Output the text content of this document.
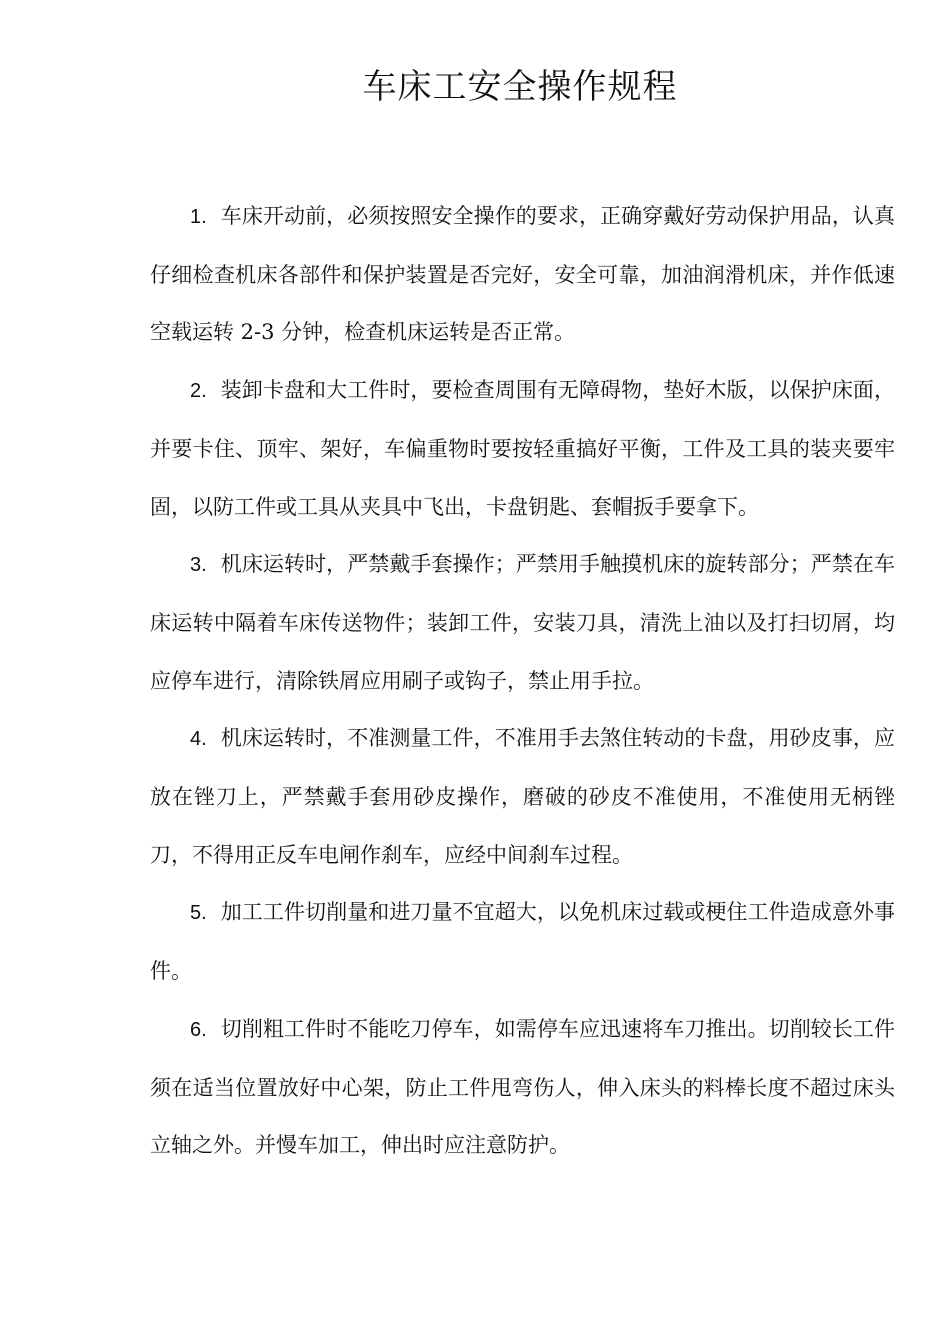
车床工安全操作规程

1. 车床开动前，必须按照安全操作的要求，正确穿戴好劳动保护用品，认真仔细检查机床各部件和保护装置是否完好，安全可靠，加油润滑机床，并作低速空载运转 2-3 分钟，检查机床运转是否正常。

2. 装卸卡盘和大工件时，要检查周围有无障碍物，垫好木版，以保护床面，并要卡住、顶牢、架好，车偏重物时要按轻重搞好平衡，工件及工具的装夹要牢固，以防工件或工具从夹具中飞出，卡盘钥匙、套帽扳手要拿下。

3. 机床运转时，严禁戴手套操作；严禁用手触摸机床的旋转部分；严禁在车床运转中隔着车床传送物件；装卸工件，安装刀具，清洗上油以及打扫切屑，均应停车进行，清除铁屑应用刷子或钩子，禁止用手拉。

4. 机床运转时，不准测量工件，不准用手去煞住转动的卡盘，用砂皮事，应放在锉刀上，严禁戴手套用砂皮操作，磨破的砂皮不准使用，不准使用无柄锉刀，不得用正反车电闸作刹车，应经中间刹车过程。

5. 加工工件切削量和进刀量不宜超大，以免机床过载或梗住工件造成意外事件。

6. 切削粗工件时不能吃刀停车，如需停车应迅速将车刀推出。切削较长工件须在适当位置放好中心架，防止工件甩弯伤人，伸入床头的料棒长度不超过床头立轴之外。并慢车加工，伸出时应注意防护。
